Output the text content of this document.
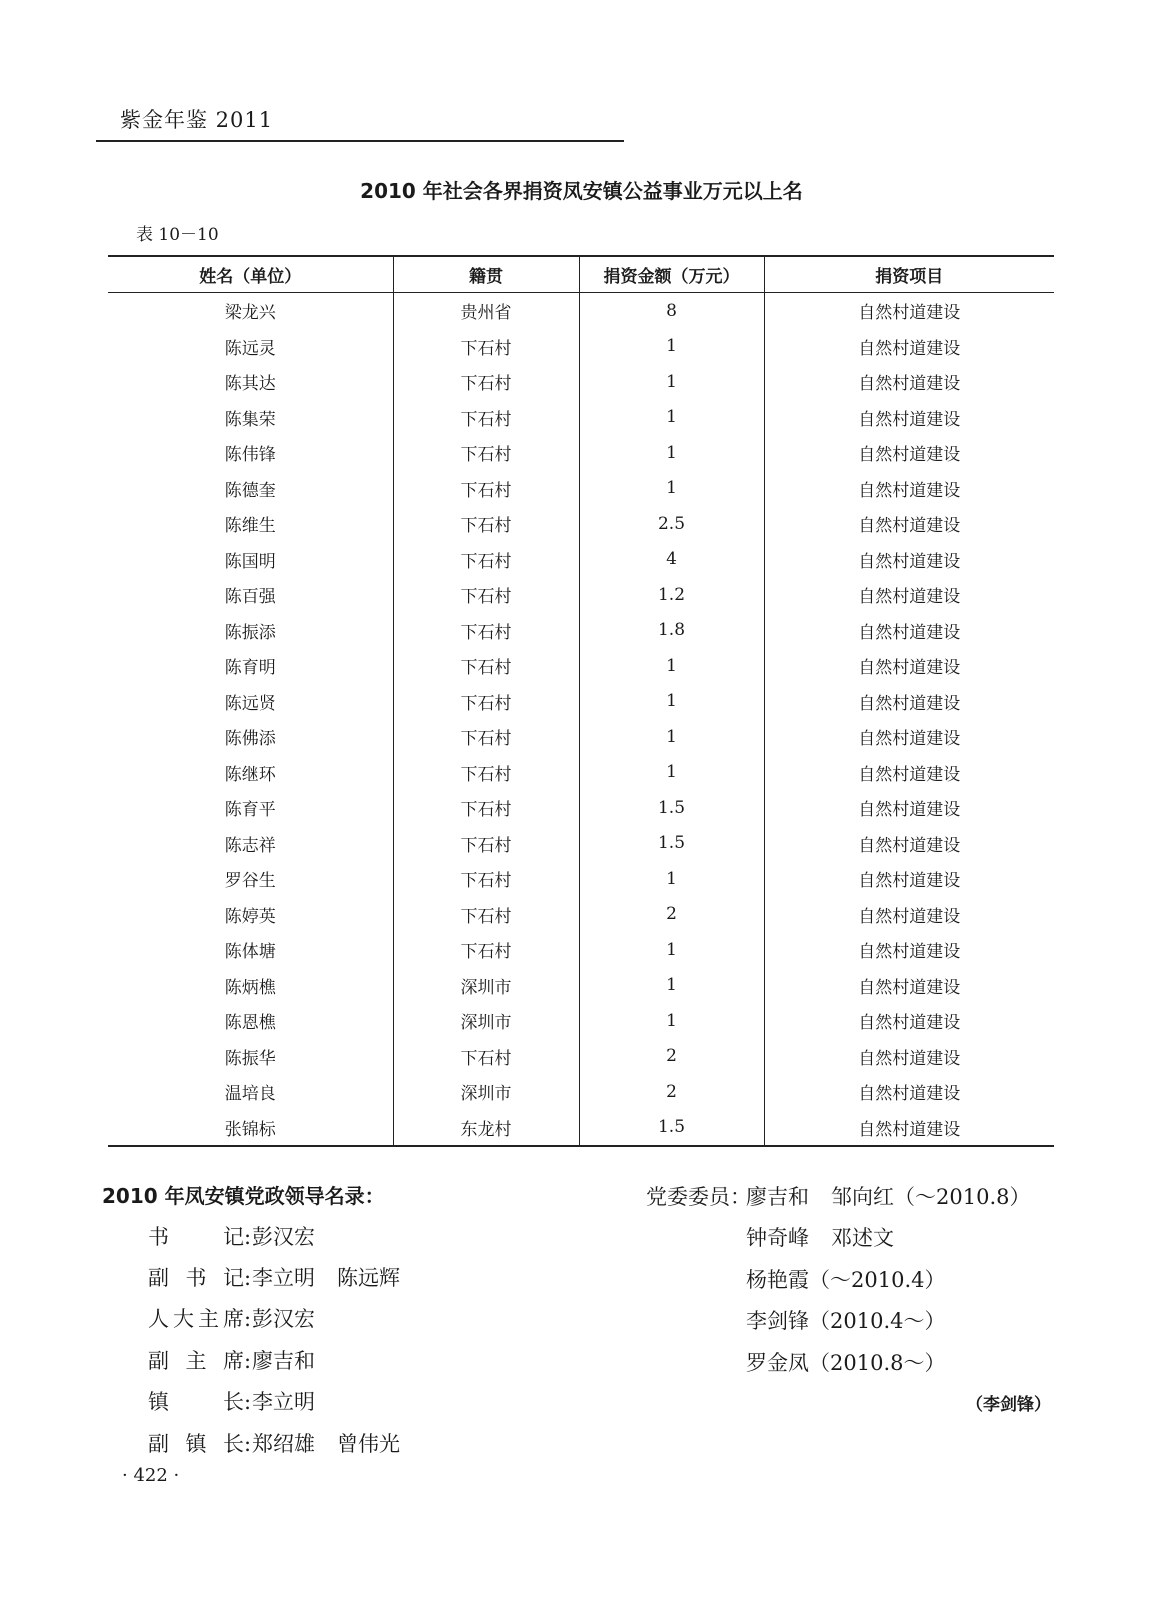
紫金年鉴 2011
2010 年社会各界捐资凤安镇公益事业万元以上名
表 10－10
姓名（单位）	籍贯	捐资金额（万元）	捐资项目
梁龙兴	贵州省	8	自然村道建设
陈远灵	下石村	1	自然村道建设
陈其达	下石村	1	自然村道建设
陈集荣	下石村	1	自然村道建设
陈伟锋	下石村	1	自然村道建设
陈德奎	下石村	1	自然村道建设
陈维生	下石村	2.5	自然村道建设
陈国明	下石村	4	自然村道建设
陈百强	下石村	1.2	自然村道建设
陈振添	下石村	1.8	自然村道建设
陈育明	下石村	1	自然村道建设
陈远贤	下石村	1	自然村道建设
陈佛添	下石村	1	自然村道建设
陈继环	下石村	1	自然村道建设
陈育平	下石村	1.5	自然村道建设
陈志祥	下石村	1.5	自然村道建设
罗谷生	下石村	1	自然村道建设
陈婷英	下石村	2	自然村道建设
陈体塘	下石村	1	自然村道建设
陈炳樵	深圳市	1	自然村道建设
陈恩樵	深圳市	1	自然村道建设
陈振华	下石村	2	自然村道建设
温培良	深圳市	2	自然村道建设
张锦标	东龙村	1.5	自然村道建设
2010 年凤安镇党政领导名录：
书记:彭汉宏
副书记:李立明 陈远辉
人大主席:彭汉宏
副主席:廖吉和
镇长:李立明
副镇长:郑绍雄 曾伟光
党委委员：
廖吉和 邹向红（～2010.8）
钟奇峰 邓述文
杨艳霞（～2010.4）
李剑锋（2010.4～）
罗金凤（2010.8～）
（李剑锋）
· 422 ·
